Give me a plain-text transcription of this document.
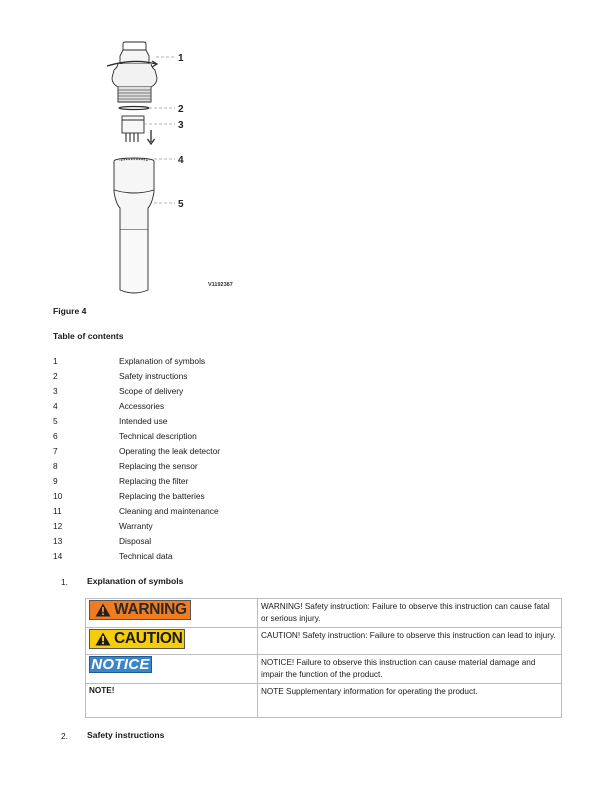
1
2
3
4
5
V1192387
Figure 4
Table of contents
1	Explanation of symbols
2	Safety instructions
3	Scope of delivery
4	Accessories
5	Intended use
6	Technical description
7	Operating the leak detector
8	Replacing the sensor
9	Replacing the filter
10	Replacing the batteries
11	Cleaning and maintenance
12	Warranty
13	Disposal
14	Technical data
1. Explanation of symbols
WARNING	WARNING! Safety instruction: Failure to observe this instruction can cause fatal or serious injury.

CAUTION	CAUTION! Safety instruction: Failure to observe this instruction can lead to injury.
NOTICE	NOTICE! Failure to observe this instruction can cause material damage and impair the function of the product.
NOTE!	NOTE Supplementary information for operating the product.
2. Safety instructions
